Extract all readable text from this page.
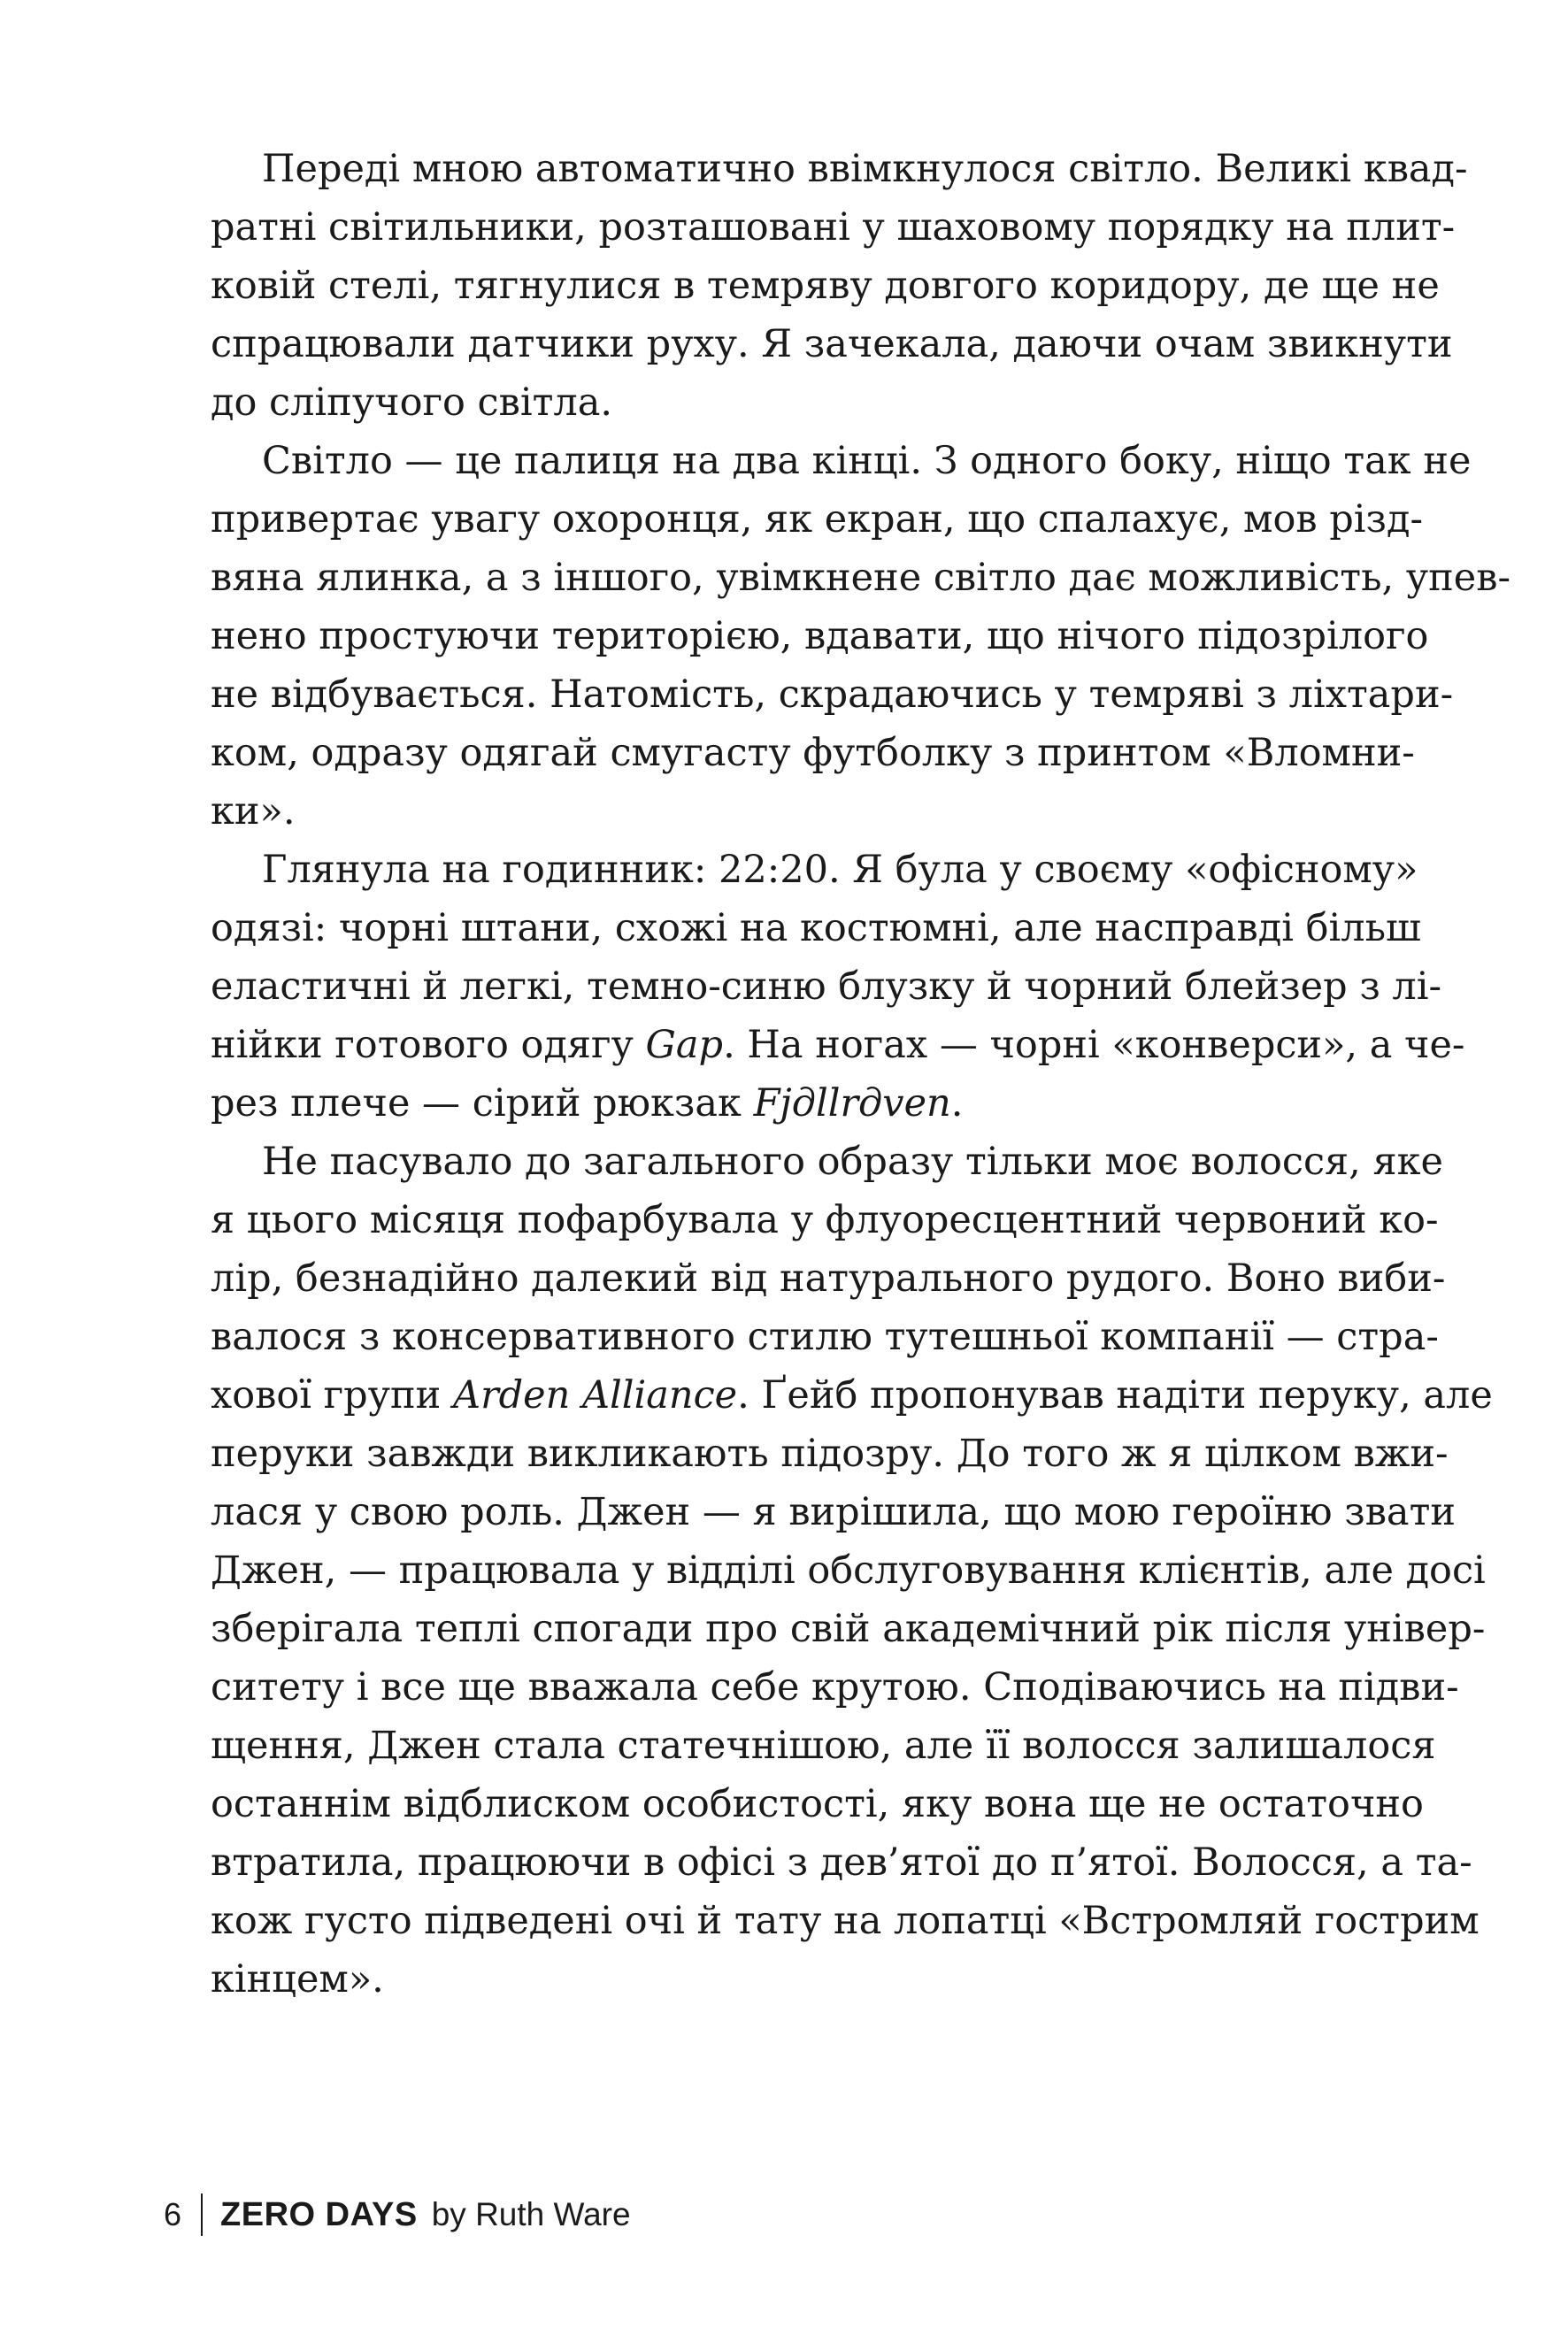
Переді мною автоматично ввімкнулося світло. Великі квад-
ратні світильники, розташовані у шаховому порядку на плит-
ковій стелі, тягнулися в темряву довгого коридору, де ще не
спрацювали датчики руху. Я зачекала, даючи очам звикнути
до сліпучого світла.
Світло — це палиця на два кінці. З одного боку, ніщо так не
привертає увагу охоронця, як екран, що спалахує, мов різд-
вяна ялинка, а з іншого, увімкнене світло дає можливість, упев-
нено простуючи територією, вдавати, що нічого підозрілого
не відбувається. Натомість, скрадаючись у темряві з ліхтари-
ком, одразу одягай смугасту футболку з принтом «Вломни-
ки».
Глянула на годинник: 22:20. Я була у своєму «офісному»
одязі: чорні штани, схожі на костюмні, але насправді більш
еластичні й легкі, темно-синю блузку й чорний блейзер з лі-
нійки готового одягу Gap. На ногах — чорні «конверси», а че-
рез плече — сірий рюкзак Fjдllrдven.
Не пасувало до загального образу тільки моє волосся, яке
я цього місяця пофарбувала у флуоресцентний червоний ко-
лір, безнадійно далекий від натурального рудого. Воно виби-
валося з консервативного стилю тутешньої компанії — стра-
хової групи Arden Alliance. Ґейб пропонував надіти перуку, але
перуки завжди викликають підозру. До того ж я цілком вжи-
лася у свою роль. Джен — я вирішила, що мою героїню звати
Джен, — працювала у відділі обслуговування клієнтів, але досі
зберігала теплі спогади про свій академічний рік після універ-
ситету і все ще вважала себе крутою. Сподіваючись на підви-
щення, Джен стала статечнішою, але її волосся залишалося
останнім відблиском особистості, яку вона ще не остаточно
втратила, працюючи в офісі з дев’ятої до п’ятої. Волосся, а та-
кож густо підведені очі й тату на лопатці «Встромляй гострим
кінцем».
6 ZERO DAYS by Ruth Ware
